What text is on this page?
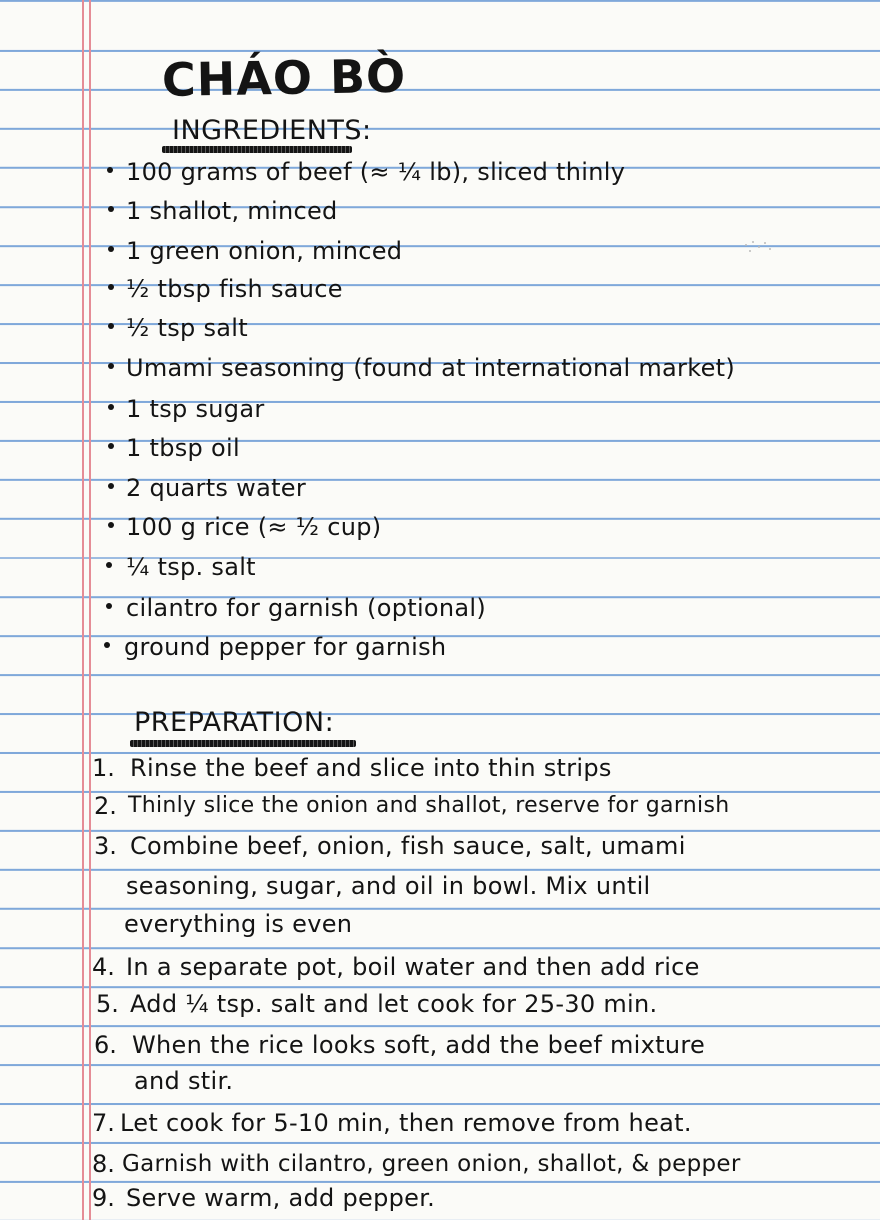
CHÁO BÒ
INGREDIENTS:
100 grams of beef (≈ ¼ lb), sliced thinly
1 shallot, minced
1 green onion, minced
½ tbsp fish sauce
½ tsp salt
Umami seasoning (found at international market)
1 tsp sugar
1 tbsp oil
2 quarts water
100 g rice (≈ ½ cup)
¼ tsp. salt
cilantro for garnish (optional)
ground pepper for garnish
PREPARATION:
1. Rinse the beef and slice into thin strips
2. Thinly slice the onion and shallot, reserve for garnish
3. Combine beef, onion, fish sauce, salt, umami
seasoning, sugar, and oil in bowl. Mix until
everything is even
4. In a separate pot, boil water and then add rice
5. Add ¼ tsp. salt and let cook for 25-30 min.
6. When the rice looks soft, add the beef mixture
and stir.
7. Let cook for 5-10 min, then remove from heat.
8. Garnish with cilantro, green onion, shallot, & pepper
9. Serve warm, add pepper.
